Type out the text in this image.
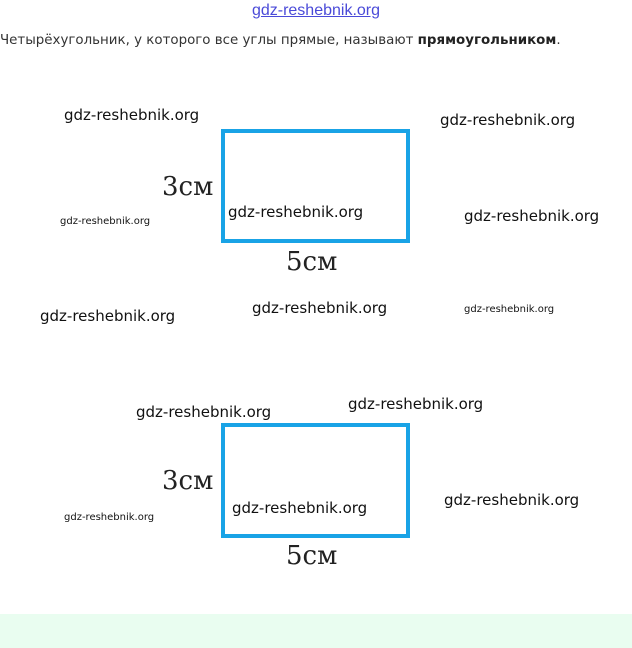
gdz-reshebnik.org
Четырёхугольник, у которого все углы прямые, называют прямоугольником.
3см
5см
3см
5см
gdz-reshebnik.org	gdz-reshebnik.org
gdz-reshebnik.org
gdz-reshebnik.org	gdz-reshebnik.org
gdz-reshebnik.org	gdz-reshebnik.org	gdz-reshebnik.org
gdz-reshebnik.org	gdz-reshebnik.org
gdz-reshebnik.org
gdz-reshebnik.org
gdz-reshebnik.org
